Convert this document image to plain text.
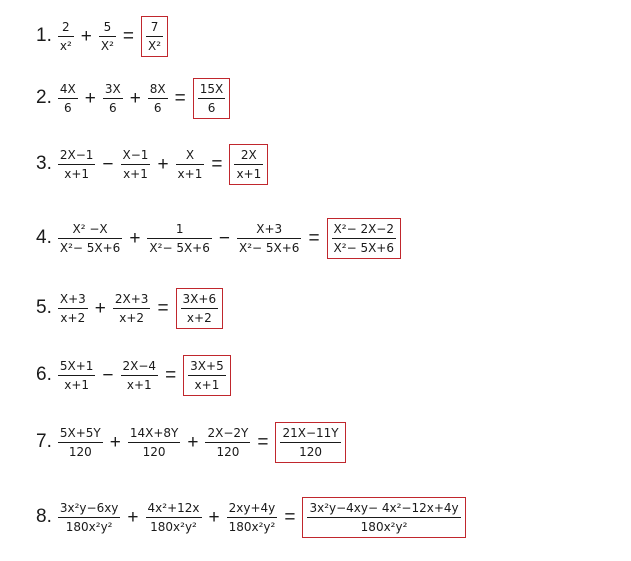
1. $\frac{2}{\text{x²}} + \frac{5}{\text{X²}} = \frac{7}{\text{X²}}$
2. $\frac{4X}{6} + \frac{3X}{6} + \frac{8X}{6} = \frac{15X}{6}$
3. $\frac{2X-1}{x+1} - \frac{X-1}{x+1} + \frac{X}{x+1} = \frac{2X}{x+1}$
4. $\frac{\text{X² −X}}{\text{X²− 5X+6}} + \frac{1}{\text{X²− 5X+6}} - \frac{X+3}{\text{X²− 5X+6}} = \frac{\text{X²− 2X−2}}{\text{X²− 5X+6}}$
5. $\frac{X+3}{x+2} + \frac{2X+3}{x+2} = \frac{3X+6}{x+2}$
6. $\frac{5X+1}{x+1} - \frac{2X-4}{x+1} = \frac{3X+5}{x+1}$
7. $\frac{5X+5Y}{120} + \frac{14X+8Y}{120} + \frac{2X-2Y}{120} = \frac{21X-11Y}{120}$
8. $\frac{\text{3x²y−6xy}}{\text{180x²y²}} + \frac{\text{4x²+12x}}{\text{180x²y²}} + \frac{2xy+4y}{\text{180x²y²}} = \frac{\text{3x²y−4xy− 4x²−12x+4y}}{\text{180x²y²}}$
